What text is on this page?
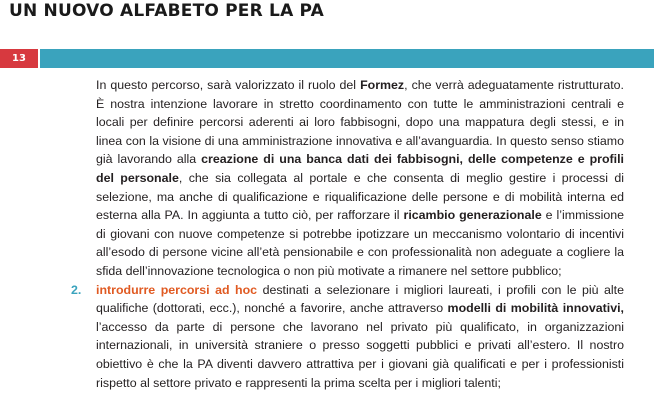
UN NUOVO ALFABETO PER LA PA
13

In questo percorso, sarà valorizzato il ruolo del Formez, che verrà adeguatamente ristrutturato. È nostra intenzione lavorare in stretto coordinamento con tutte le amministrazioni centrali e locali per definire percorsi aderenti ai loro fabbisogni, dopo una mappatura degli stessi, e in linea con la visione di una amministrazione innovativa e all’avanguardia. In questo senso stiamo già lavorando alla creazione di una banca dati dei fabbisogni, delle competenze e profili del personale, che sia collegata al portale e che consenta di meglio gestire i processi di selezione, ma anche di qualificazione e riqualificazione delle persone e di mobilità interna ed esterna alla PA. In aggiunta a tutto ciò, per rafforzare il ricambio generazionale e l’immissione di giovani con nuove competenze si potrebbe ipotizzare un meccanismo volontario di incentivi all’esodo di persone vicine all’età pensionabile e con professionalità non adeguate a cogliere la sfida dell’innovazione tecnologica o non più motivate a rimanere nel settore pubblico;

2. introdurre percorsi ad hoc destinati a selezionare i migliori laureati, i profili con le più alte qualifiche (dottorati, ecc.), nonché a favorire, anche attraverso modelli di mobilità innovativi, l’accesso da parte di persone che lavorano nel privato più qualificato, in organizzazioni internazionali, in università straniere o presso soggetti pubblici e privati all’estero. Il nostro obiettivo è che la PA diventi davvero attrattiva per i giovani già qualificati e per i professionisti rispetto al settore privato e rappresenti la prima scelta per i migliori talenti;
